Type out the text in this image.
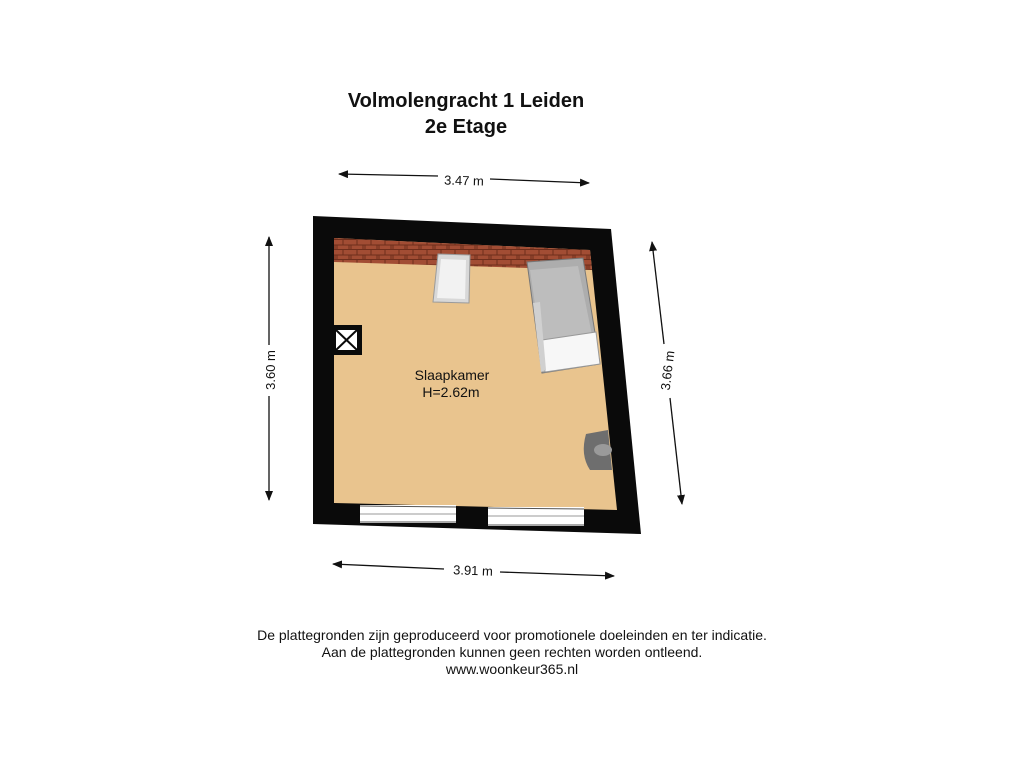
Volmolengracht 1 Leiden
2e Etage
3.47 m
3.60 m	3.66 m
3.91 m
Slaapkamer
H=2.62m

De plattegronden zijn geproduceerd voor promotionele doeleinden en ter indicatie.

Aan de plattegronden kunnen geen rechten worden ontleend.

www.woonkeur365.nl
